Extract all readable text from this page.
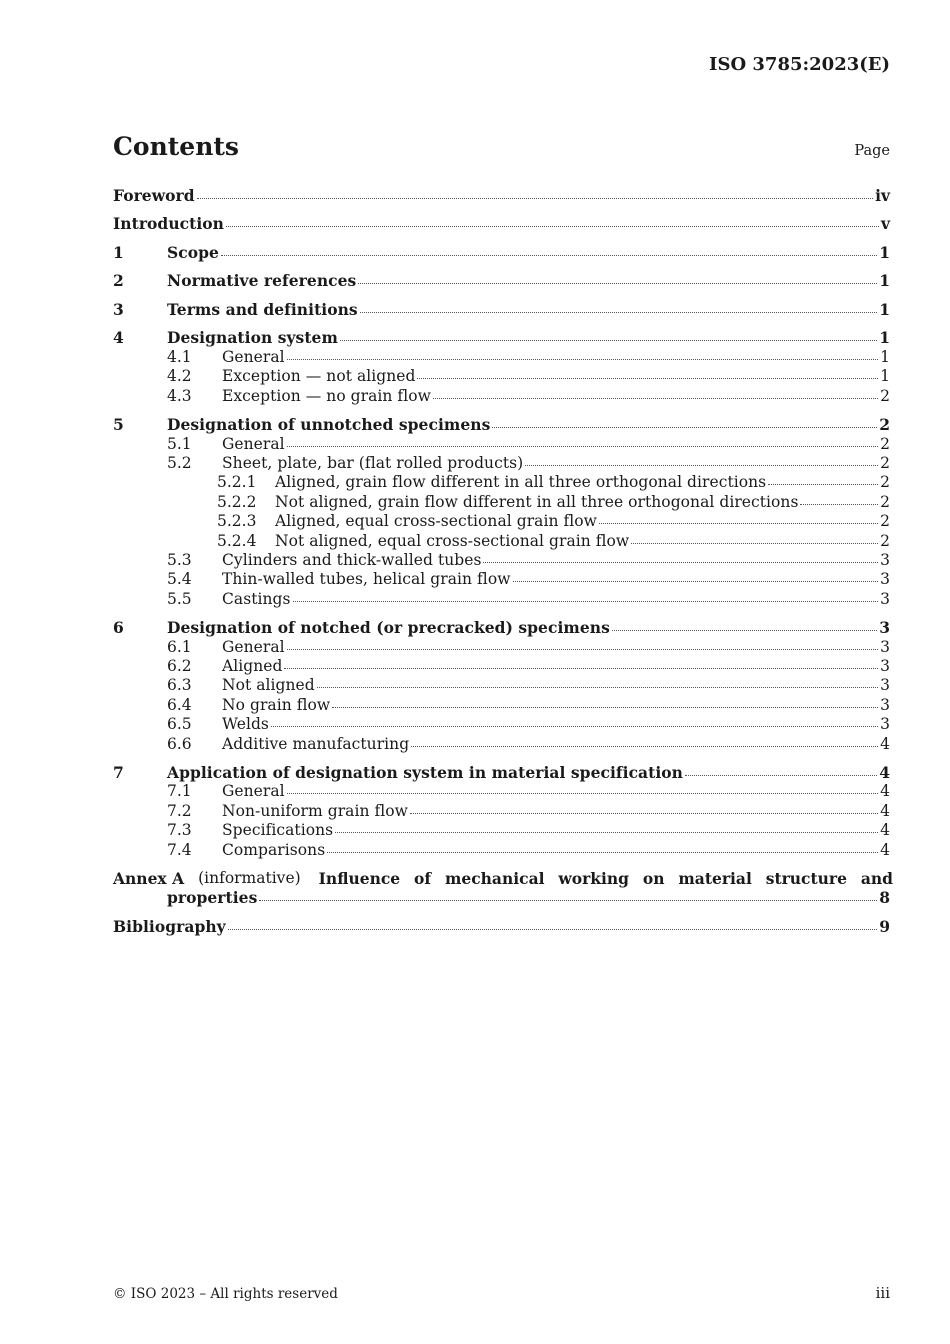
ISO 3785:2023(E)
Contents	Page
Foreword	iv
Introduction	v
1	Scope	1
2	Normative references	1
3	Terms and definitions	1
4	Designation system	1
4.1	General	1
4.2	Exception — not aligned	1
4.3	Exception — no grain flow	2
5	Designation of unnotched specimens	2
5.1	General	2
5.2	Sheet, plate, bar (flat rolled products)	2
5.2.1	Aligned, grain flow different in all three orthogonal directions	2
5.2.2	Not aligned, grain flow different in all three orthogonal directions	2
5.2.3	Aligned, equal cross-sectional grain flow	2
5.2.4	Not aligned, equal cross-sectional grain flow	2
5.3	Cylinders and thick-walled tubes	3
5.4	Thin-walled tubes, helical grain flow	3
5.5	Castings	3
6	Designation of notched (or precracked) specimens	3
6.1	General	3
6.2	Aligned	3
6.3	Not aligned	3
6.4	No grain flow	3
6.5	Welds	3
6.6	Additive manufacturing	4
7	Application of designation system in material specification	4
7.1	General	4
7.2	Non-uniform grain flow	4
7.3	Specifications	4
7.4	Comparisons	4
Annex A (informative) Influence of mechanical working on material structure and
properties	8
Bibliography	9
© ISO 2023 – All rights reserved	iii
